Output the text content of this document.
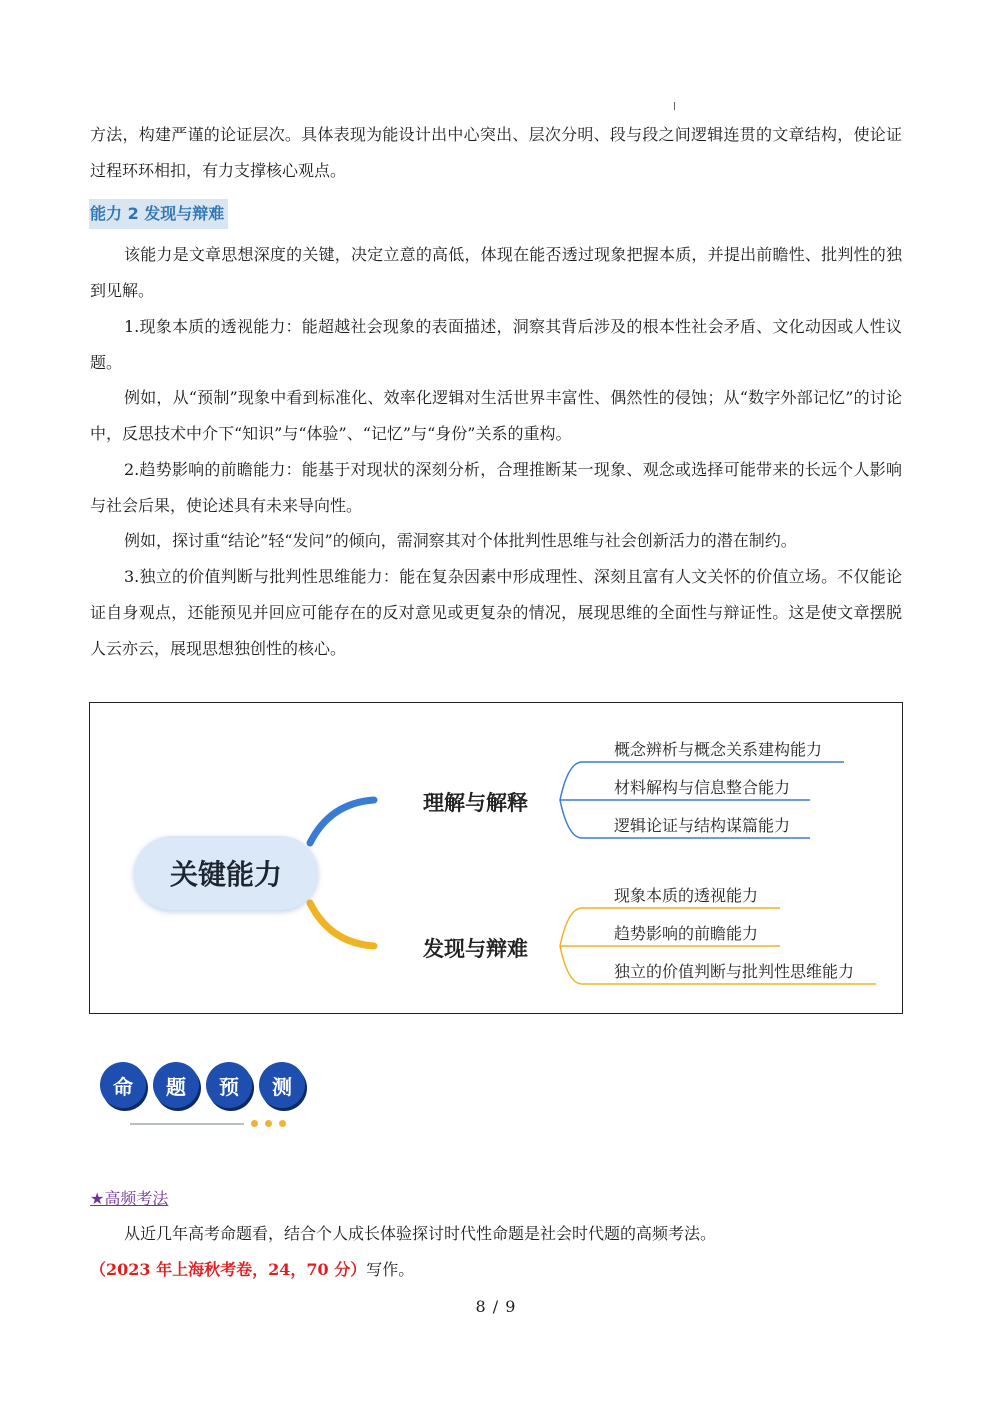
方法，构建严谨的论证层次。具体表现为能设计出中心突出、层次分明、段与段之间逻辑连贯的文章结构，使论证过程环环相扣，有力支撑核心观点。

能力 2 发现与辩难

该能力是文章思想深度的关键，决定立意的高低，体现在能否透过现象把握本质，并提出前瞻性、批判性的独到见解。

1.现象本质的透视能力：能超越社会现象的表面描述，洞察其背后涉及的根本性社会矛盾、文化动因或人性议题。

例如，从“预制”现象中看到标准化、效率化逻辑对生活世界丰富性、偶然性的侵蚀；从“数字外部记忆”的讨论中，反思技术中介下“知识”与“体验”、“记忆”与“身份”关系的重构。

2.趋势影响的前瞻能力：能基于对现状的深刻分析，合理推断某一现象、观念或选择可能带来的长远个人影响与社会后果，使论述具有未来导向性。

例如，探讨重“结论”轻“发问”的倾向，需洞察其对个体批判性思维与社会创新活力的潜在制约。

3.独立的价值判断与批判性思维能力：能在复杂因素中形成理性、深刻且富有人文关怀的价值立场。不仅能论证自身观点，还能预见并回应可能存在的反对意见或更复杂的情况，展现思维的全面性与辩证性。这是使文章摆脱人云亦云，展现思想独创性的核心。

关键能力
理解与解释
发现与辩难
概念辨析与概念关系建构能力
材料解构与信息整合能力
逻辑论证与结构谋篇能力
现象本质的透视能力
趋势影响的前瞻能力
独立的价值判断与批判性思维能力
命	题	预	测
★高频考法

从近几年高考命题看，结合个人成长体验探讨时代性命题是社会时代题的高频考法。

（2023 年上海秋考卷，24，70 分）写作。

8 / 9
